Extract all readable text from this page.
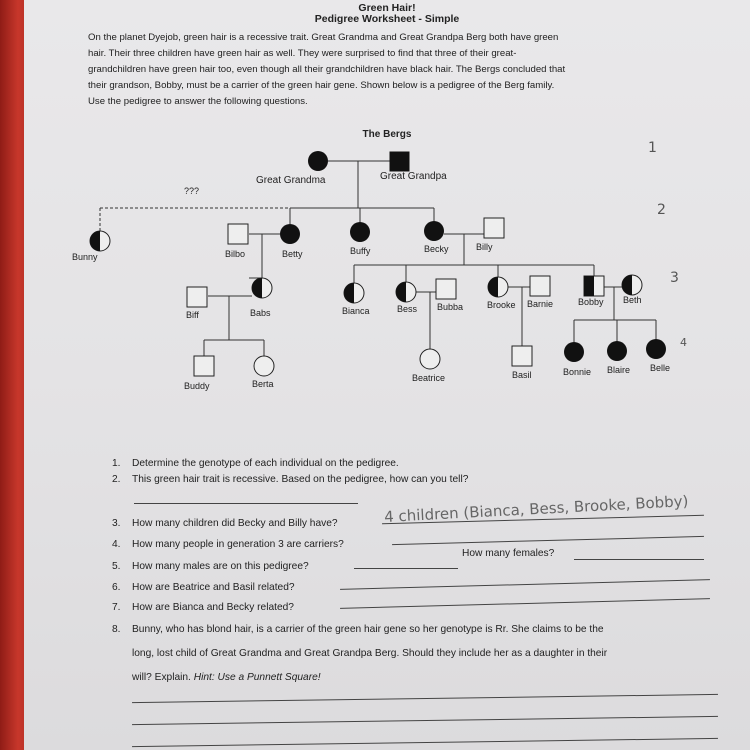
Green Hair!
Pedigree Worksheet - Simple

On the planet Dyejob, green hair is a recessive trait. Great Grandma and Great Grandpa Berg both have green

hair. Their three children have green hair as well. They were surprised to find that three of their great-

grandchildren have green hair too, even though all their grandchildren have black hair. The Bergs concluded that

their grandson, Bobby, must be a carrier of the green hair gene. Shown below is a pedigree of the Berg family.

Use the pedigree to answer the following questions.

The Bergs
Great Grandma	Great Grandpa
???
Bunny	Bilbo	Betty	Buffy	Becky	Billy
Biff	Babs	Bianca	Bess Bubba	Brooke Barnie	Bobby Beth
Buddy	Berta
Beatrice	Basil	Bonnie Blaire Belle
1
2
3
4
1. Determine the genotype of each individual on the pedigree.
2. This green hair trait is recessive. Based on the pedigree, how can you tell?
3. How many children did Becky and Billy have?	4 children (Bianca, Bess, Brooke, Bobby)
4. How many people in generation 3 are carriers?
5. How many males are on this pedigree?
How many females?
6. How are Beatrice and Basil related?
7. How are Bianca and Becky related?
8. Bunny, who has blond hair, is a carrier of the green hair gene so her genotype is Rr. She claims to be the
long, lost child of Great Grandma and Great Grandpa Berg. Should they include her as a daughter in their
will? Explain. Hint: Use a Punnett Square!
